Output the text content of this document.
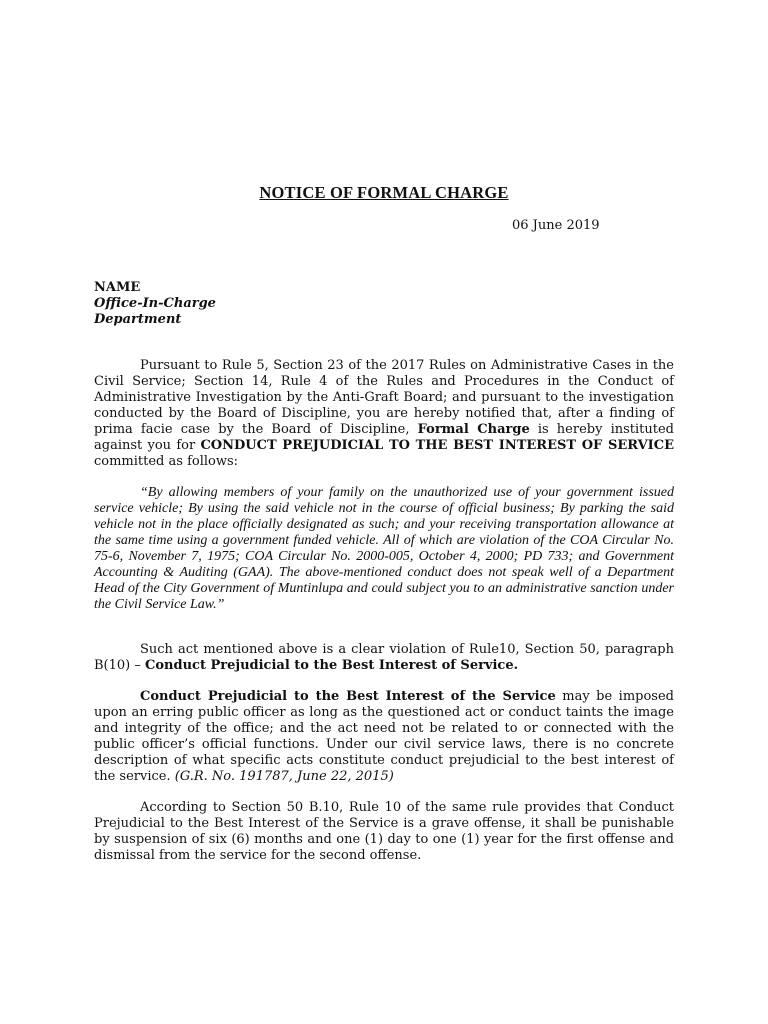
NOTICE OF FORMAL CHARGE
06 June 2019
NAME
Office-In-Charge
Department
Pursuant to Rule 5, Section 23 of the 2017 Rules on Administrative Cases in the Civil Service; Section 14, Rule 4 of the Rules and Procedures in the Conduct of Administrative Investigation by the Anti-Graft Board; and pursuant to the investigation conducted by the Board of Discipline, you are hereby notified that, after a finding of prima facie case by the Board of Discipline, Formal Charge is hereby instituted against you for CONDUCT PREJUDICIAL TO THE BEST INTEREST OF SERVICE committed as follows:
“By allowing members of your family on the unauthorized use of your government issued service vehicle; By using the said vehicle not in the course of official business; By parking the said vehicle not in the place officially designated as such; and your receiving transportation allowance at the same time using a government funded vehicle. All of which are violation of the COA Circular No. 75-6, November 7, 1975; COA Circular No. 2000-005, October 4, 2000; PD 733; and Government Accounting & Auditing (GAA). The above-mentioned conduct does not speak well of a Department Head of the City Government of Muntinlupa and could subject you to an administrative sanction under the Civil Service Law.”
Such act mentioned above is a clear violation of Rule10, Section 50, paragraph B(10) – Conduct Prejudicial to the Best Interest of Service.
Conduct Prejudicial to the Best Interest of the Service may be imposed upon an erring public officer as long as the questioned act or conduct taints the image and integrity of the office; and the act need not be related to or connected with the public officer’s official functions. Under our civil service laws, there is no concrete description of what specific acts constitute conduct prejudicial to the best interest of the service. (G.R. No. 191787, June 22, 2015)
According to Section 50 B.10, Rule 10 of the same rule provides that Conduct Prejudicial to the Best Interest of the Service is a grave offense, it shall be punishable by suspension of six (6) months and one (1) day to one (1) year for the first offense and dismissal from the service for the second offense.
